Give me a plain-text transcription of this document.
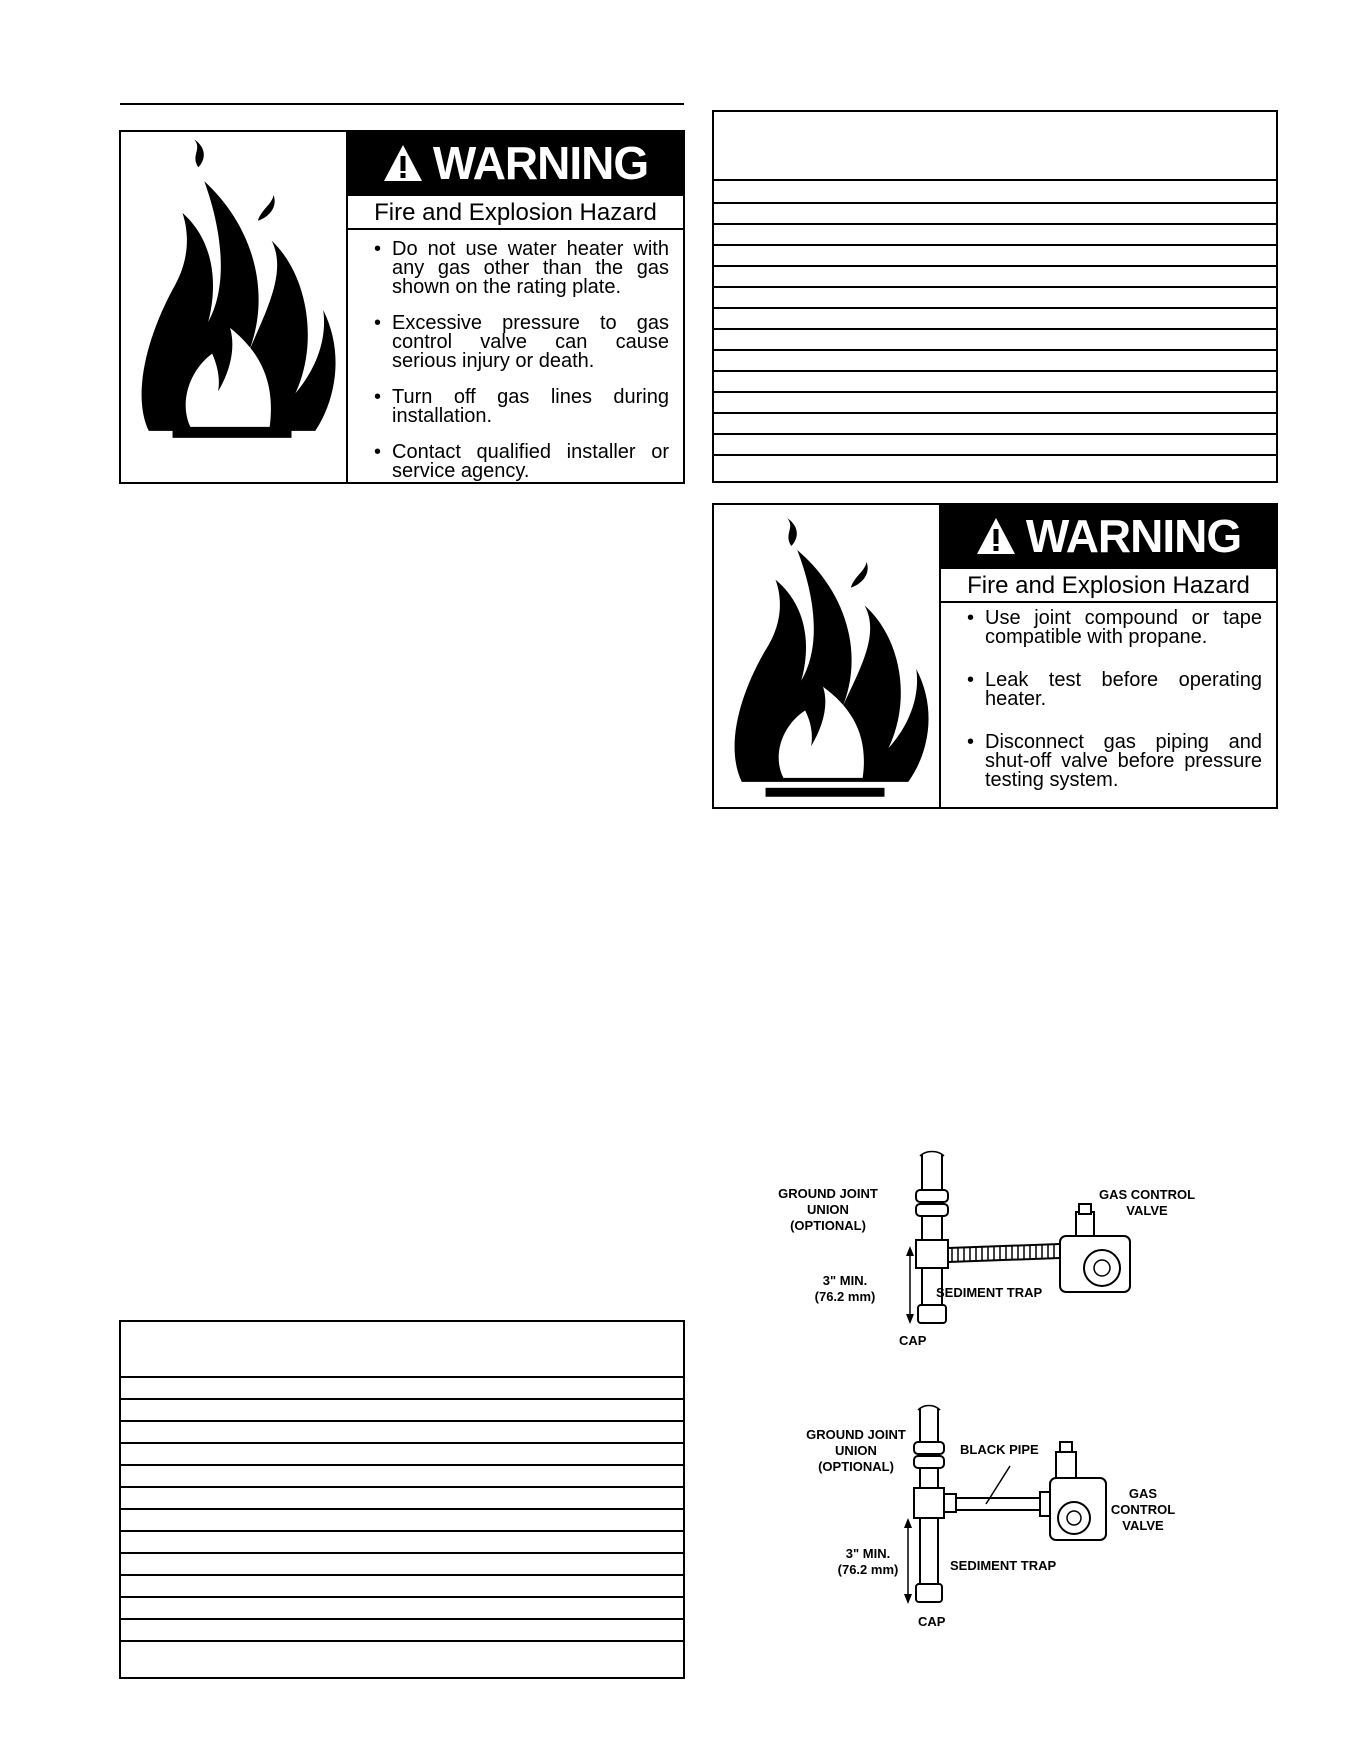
WARNING
Fire and Explosion Hazard
• Do not use water heater with any gas other than the gas shown on the rating plate.
• Excessive pressure to gas control valve can cause serious injury or death.
• Turn off gas lines during installation.
• Contact qualified installer or service agency.
WARNING
Fire and Explosion Hazard
• Use joint compound or tape compatible with propane.
• Leak test before operating heater.
• Disconnect gas piping and shut-off valve before pressure testing system.
GROUND JOINT
UNION
(OPTIONAL)
GAS CONTROL
VALVE
3" MIN.
(76.2 mm)	SEDIMENT TRAP
CAP
GROUND JOINT
UNION
(OPTIONAL)
BLACK PIPE
GAS
CONTROL
VALVE
3" MIN.
(76.2 mm)	SEDIMENT TRAP
CAP
